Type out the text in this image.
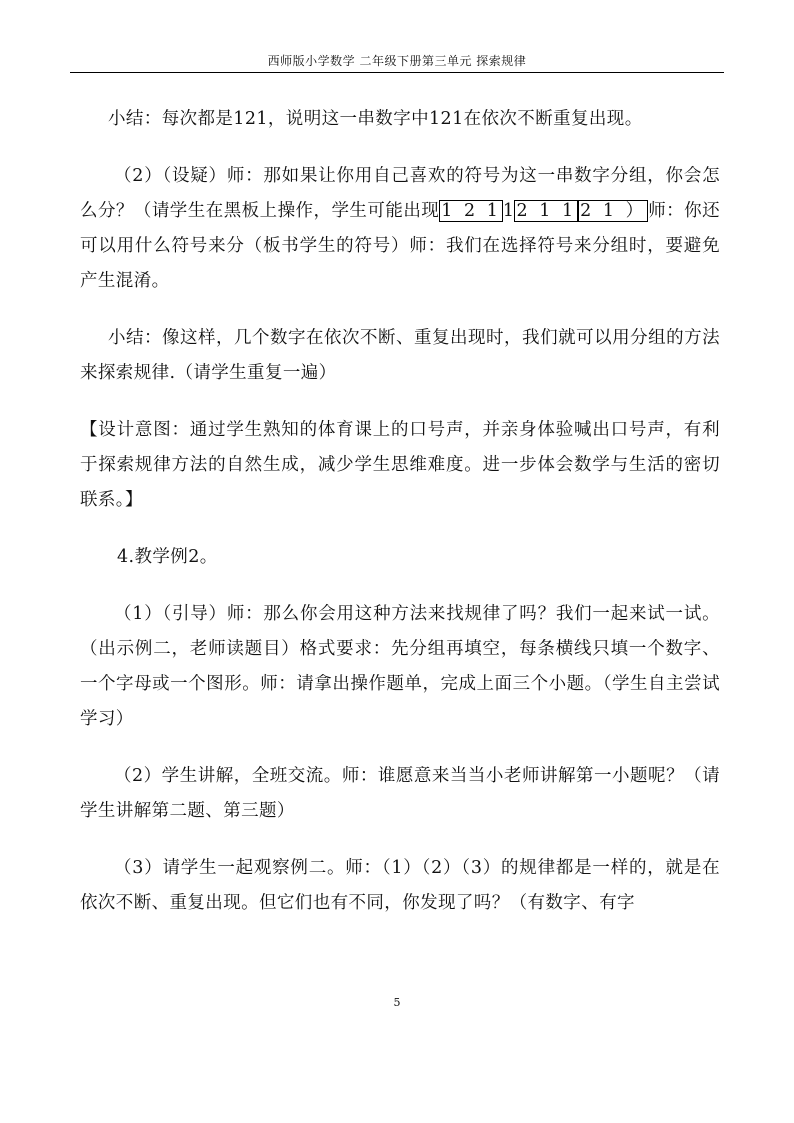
西师版小学数学 二年级下册第三单元 探索规律

小结：每次都是121，说明这一串数字中121在依次不断重复出现。

（2）（设疑）师：那如果让你用自己喜欢的符号为这一串数字分组，你会怎么分？（请学生在黑板上操作，学生可能出现 1 2 1 1 2 1 1 2 1 ） 师：你还可以用什么符号来分（板书学生的符号）师：我们在选择符号来分组时，要避免产生混淆。

小结：像这样，几个数字在依次不断、重复出现时，我们就可以用分组的方法来探索规律.（请学生重复一遍）

【设计意图：通过学生熟知的体育课上的口号声，并亲身体验喊出口号声，有利于探索规律方法的自然生成，减少学生思维难度。进一步体会数学与生活的密切联系。】

4.教学例2。

（1）（引导）师：那么你会用这种方法来找规律了吗？我们一起来试一试。（出示例二，老师读题目）格式要求：先分组再填空，每条横线只填一个数字、一个字母或一个图形。师：请拿出操作题单，完成上面三个小题。（学生自主尝试学习）

（2）学生讲解，全班交流。师：谁愿意来当当小老师讲解第一小题呢？（请学生讲解第二题、第三题）

（3）请学生一起观察例二。师：（1）（2）（3）的规律都是一样的，就是在依次不断、重复出现。但它们也有不同，你发现了吗？（有数字、有字

5
